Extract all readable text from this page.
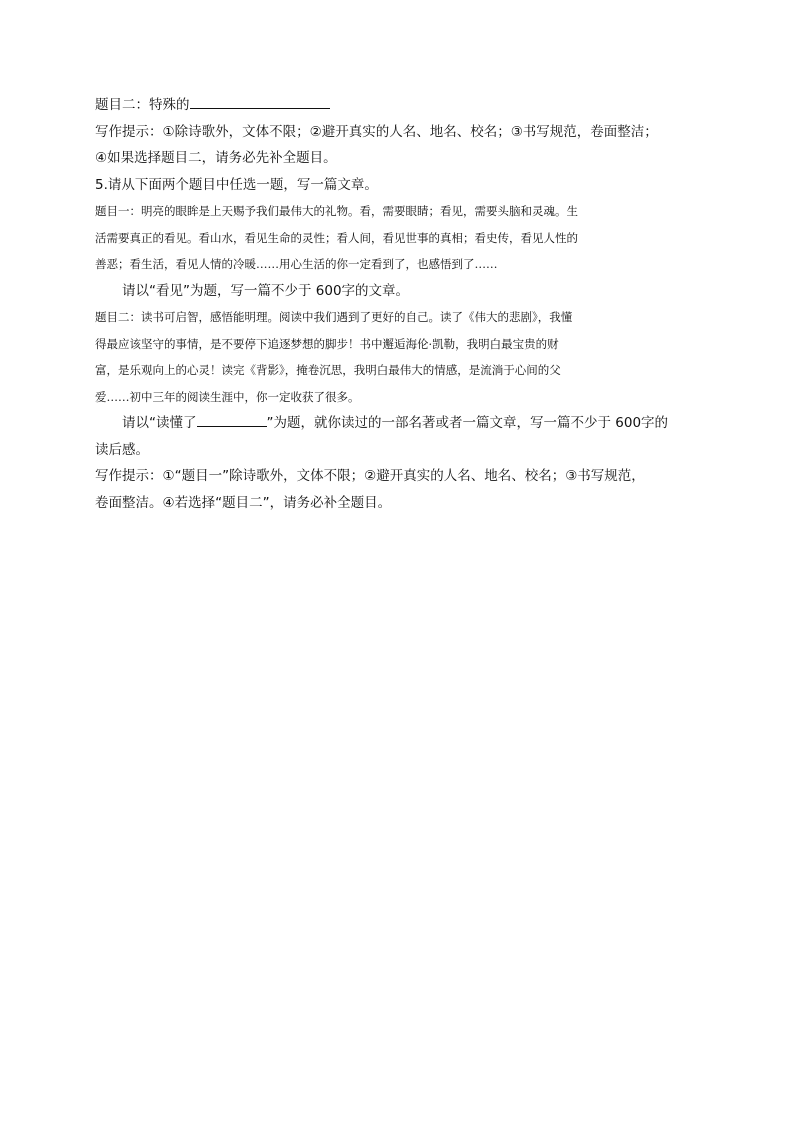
题目二：特殊的
写作提示：①除诗歌外，文体不限；②避开真实的人名、地名、校名；③书写规范，卷面整洁；
④如果选择题目二，请务必先补全题目。
5.请从下面两个题目中任选一题，写一篇文章。
题目一：明亮的眼眸是上天赐予我们最伟大的礼物。看，需要眼睛；看见，需要头脑和灵魂。生
活需要真正的看见。看山水，看见生命的灵性；看人间，看见世事的真相；看史传，看见人性的
善恶；看生活，看见人情的冷暖……用心生活的你一定看到了，也感悟到了……
请以“看见”为题，写一篇不少于 600字的文章。
题目二：读书可启智，感悟能明理。阅读中我们遇到了更好的自己。读了《伟大的悲剧》，我懂
得最应该坚守的事情，是不要停下追逐梦想的脚步！书中邂逅海伦·凯勒，我明白最宝贵的财
富，是乐观向上的心灵！读完《背影》，掩卷沉思，我明白最伟大的情感，是流淌于心间的父
爱……初中三年的阅读生涯中，你一定收获了很多。
请以“读懂了	”为题，就你读过的一部名著或者一篇文章，写一篇不少于 600字的
读后感。
写作提示：①“题目一”除诗歌外，文体不限；②避开真实的人名、地名、校名；③书写规范，
卷面整洁。④若选择“题目二”，请务必补全题目。
